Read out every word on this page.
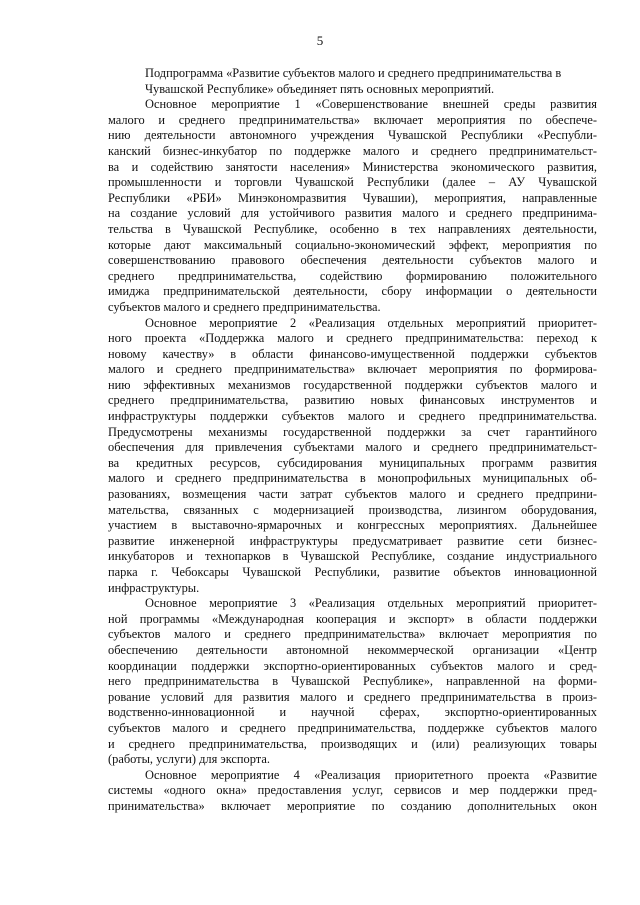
5
Подпрограмма «Развитие субъектов малого и среднего предпринимательства в Чувашской Республике» объединяет пять основных мероприятий.
Основное мероприятие 1 «Совершенствование внешней среды развития
малого и среднего предпринимательства» включает мероприятия по обеспече-
нию деятельности автономного учреждения Чувашской Республики «Республи-
канский бизнес-инкубатор по поддержке малого и среднего предпринимательст-
ва и содействию занятости населения» Министерства экономического развития,
промышленности и торговли Чувашской Республики (далее – АУ Чувашской
Республики «РБИ» Минэкономразвития Чувашии), мероприятия, направленные
на создание условий для устойчивого развития малого и среднего предпринима-
тельства в Чувашской Республике, особенно в тех направлениях деятельности,
которые дают максимальный социально-экономический эффект, мероприятия по
совершенствованию правового обеспечения деятельности субъектов малого и
среднего предпринимательства, содействию формированию положительного
имиджа предпринимательской деятельности, сбору информации о деятельности
субъектов малого и среднего предпринимательства.
Основное мероприятие 2 «Реализация отдельных мероприятий приоритет-
ного проекта «Поддержка малого и среднего предпринимательства: переход к
новому качеству» в области финансово-имущественной поддержки субъектов
малого и среднего предпринимательства» включает мероприятия по формирова-
нию эффективных механизмов государственной поддержки субъектов малого и
среднего предпринимательства, развитию новых финансовых инструментов и
инфраструктуры поддержки субъектов малого и среднего предпринимательства.
Предусмотрены механизмы государственной поддержки за счет гарантийного
обеспечения для привлечения субъектами малого и среднего предпринимательст-
ва кредитных ресурсов, субсидирования муниципальных программ развития
малого и среднего предпринимательства в монопрофильных муниципальных об-
разованиях, возмещения части затрат субъектов малого и среднего предприни-
мательства, связанных с модернизацией производства, лизингом оборудования,
участием в выставочно-ярмарочных и конгрессных мероприятиях. Дальнейшее
развитие инженерной инфраструктуры предусматривает развитие сети бизнес-
инкубаторов и технопарков в Чувашской Республике, создание индустриального
парка г. Чебоксары Чувашской Республики, развитие объектов инновационной
инфраструктуры.
Основное мероприятие 3 «Реализация отдельных мероприятий приоритет-
ной программы «Международная кооперация и экспорт» в области поддержки
субъектов малого и среднего предпринимательства» включает мероприятия по
обеспечению деятельности автономной некоммерческой организации «Центр
координации поддержки экспортно-ориентированных субъектов малого и сред-
него предпринимательства в Чувашской Республике», направленной на форми-
рование условий для развития малого и среднего предпринимательства в произ-
водственно-инновационной и научной сферах, экспортно-ориентированных
субъектов малого и среднего предпринимательства, поддержке субъектов малого
и среднего предпринимательства, производящих и (или) реализующих товары
(работы, услуги) для экспорта.
Основное мероприятие 4 «Реализация приоритетного проекта «Развитие
системы «одного окна» предоставления услуг, сервисов и мер поддержки пред-
принимательства» включает мероприятие по созданию дополнительных окон
